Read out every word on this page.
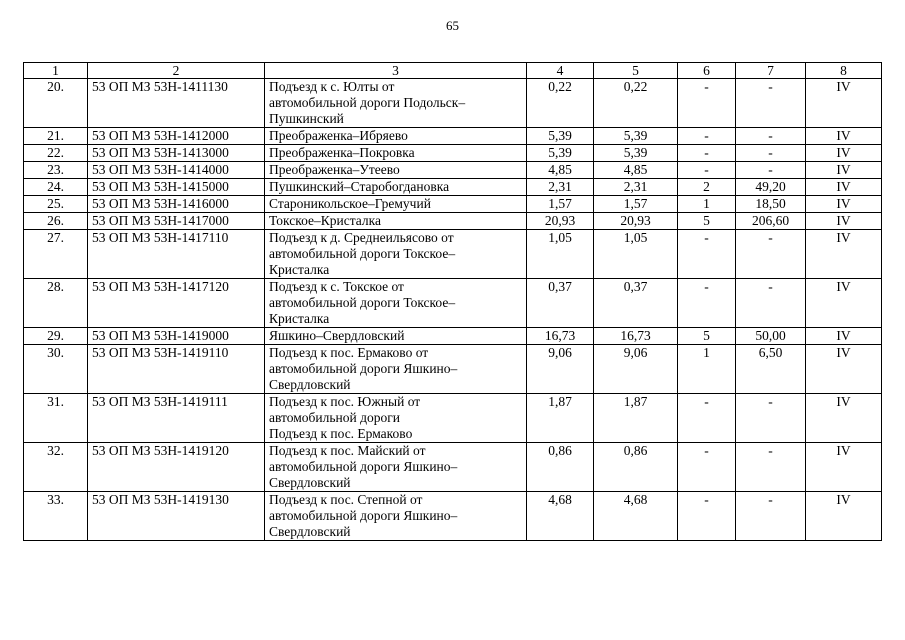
65
1	2	3	4	5	6	7	8
20.	53 ОП МЗ 53Н-1411130	Подъезд к с. Юлты от
автомобильной дороги Подольск–
Пушкинский	0,22	0,22	-	-	IV
21.	53 ОП МЗ 53Н-1412000	Преображенка–Ибряево	5,39	5,39	-	-	IV
22.	53 ОП МЗ 53Н-1413000	Преображенка–Покровка	5,39	5,39	-	-	IV
23.	53 ОП МЗ 53Н-1414000	Преображенка–Утеево	4,85	4,85	-	-	IV
24.	53 ОП МЗ 53Н-1415000	Пушкинский–Старобогдановка	2,31	2,31	2	49,20	IV
25.	53 ОП МЗ 53Н-1416000	Староникольское–Гремучий	1,57	1,57	1	18,50	IV
26.	53 ОП МЗ 53Н-1417000	Токское–Кристалка	20,93	20,93	5	206,60	IV
27.	53 ОП МЗ 53Н-1417110	Подъезд к д. Среднеильясово от
автомобильной дороги Токское–
Кристалка	1,05	1,05	-	-	IV
28.	53 ОП МЗ 53Н-1417120	Подъезд к с. Токское от
автомобильной дороги Токское–
Кристалка	0,37	0,37	-	-	IV
29.	53 ОП МЗ 53Н-1419000	Яшкино–Свердловский	16,73	16,73	5	50,00	IV
30.	53 ОП МЗ 53Н-1419110	Подъезд к пос. Ермаково от
автомобильной дороги Яшкино–
Свердловский	9,06	9,06	1	6,50	IV
31.	53 ОП МЗ 53Н-1419111	Подъезд к пос. Южный от
автомобильной дороги
Подъезд к пос. Ермаково	1,87	1,87	-	-	IV
32.	53 ОП МЗ 53Н-1419120	Подъезд к пос. Майский от
автомобильной дороги Яшкино–
Свердловский	0,86	0,86	-	-	IV
33.	53 ОП МЗ 53Н-1419130	Подъезд к пос. Степной от
автомобильной дороги Яшкино–
Свердловский	4,68	4,68	-	-	IV
